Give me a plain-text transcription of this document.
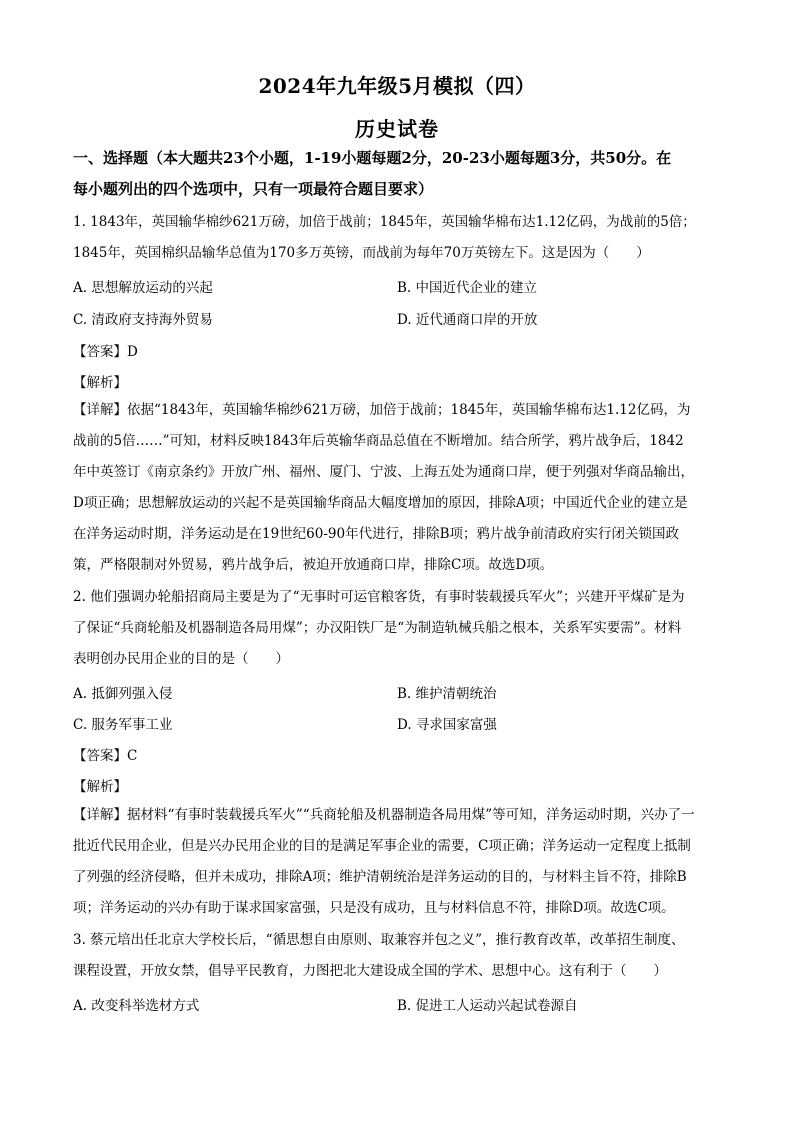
2024年九年级5月模拟（四）
历史试卷
一、选择题（本大题共23个小题，1-19小题每题2分，20-23小题每题3分，共50分。在
每小题列出的四个选项中，只有一项最符合题目要求）
1. 1843年，英国输华棉纱621万磅，加倍于战前；1845年，英国输华棉布达1.12亿码，为战前的5倍；
1845年，英国棉织品输华总值为170多万英镑，而战前为每年70万英镑左下。这是因为（　　）
A. 思想解放运动的兴起	B. 中国近代企业的建立
C. 清政府支持海外贸易	D. 近代通商口岸的开放
【答案】D
【解析】
【详解】依据“1843年，英国输华棉纱621万磅，加倍于战前；1845年，英国输华棉布达1.12亿码，为
战前的5倍……”可知，材料反映1843年后英输华商品总值在不断增加。结合所学，鸦片战争后，1842
年中英签订《南京条约》开放广州、福州、厦门、宁波、上海五处为通商口岸，便于列强对华商品输出，
D项正确；思想解放运动的兴起不是英国输华商品大幅度增加的原因，排除A项；中国近代企业的建立是
在洋务运动时期，洋务运动是在19世纪60-90年代进行，排除B项；鸦片战争前清政府实行闭关锁国政
策，严格限制对外贸易，鸦片战争后，被迫开放通商口岸，排除C项。故选D项。
2. 他们强调办轮船招商局主要是为了“无事时可运官粮客货，有事时装载援兵军火”；兴建开平煤矿是为
了保证“兵商轮船及机器制造各局用煤”；办汉阳铁厂是“为制造轨械兵船之根本，关系军实要需”。材料
表明创办民用企业的目的是（　　）
A. 抵御列强入侵	B. 维护清朝统治
C. 服务军事工业	D. 寻求国家富强
【答案】C
【解析】
【详解】据材料“有事时装载援兵军火”“兵商轮船及机器制造各局用煤”等可知，洋务运动时期，兴办了一
批近代民用企业，但是兴办民用企业的目的是满足军事企业的需要，C项正确；洋务运动一定程度上抵制
了列强的经济侵略，但并未成功，排除A项；维护清朝统治是洋务运动的目的，与材料主旨不符，排除B
项；洋务运动的兴办有助于谋求国家富强，只是没有成功，且与材料信息不符，排除D项。故选C项。
3. 蔡元培出任北京大学校长后，“循思想自由原则、取兼容并包之义”，推行教育改革，改革招生制度、
课程设置，开放女禁，倡导平民教育，力图把北大建设成全国的学术、思想中心。这有利于（　　）
A. 改变科举选材方式	B. 促进工人运动兴起试卷源自
